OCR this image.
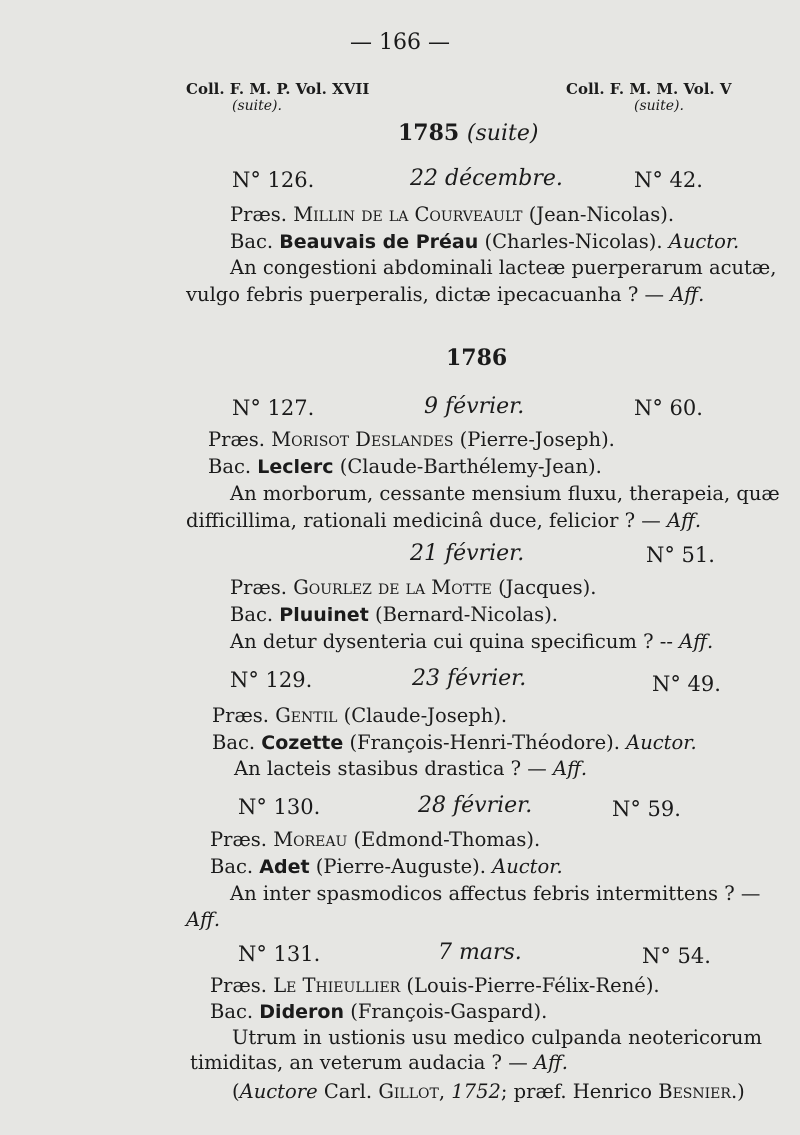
— 166 —
Coll. F. M. P. Vol. XVII
(suite).
Coll. F. M. M. Vol. V
(suite).
1785 (suite)
N° 126.	22 décembre.	N° 42.
Præs. Millin de la Courveault (Jean-Nicolas).
Bac. Beauvais de Préau (Charles-Nicolas). Auctor.
An congestioni abdominali lacteæ puerperarum acutæ,
vulgo febris puerperalis, dictæ ipecacuanha ? — Aff.
1786
N° 127.	9 février.	N° 60.
Præs. Morisot Deslandes (Pierre-Joseph).
Bac. Leclerc (Claude-Barthélemy-Jean).
An morborum, cessante mensium fluxu, therapeia, quæ
difficillima, rationali medicinâ duce, felicior ? — Aff.
21 février.	N° 51.
Præs. Gourlez de la Motte (Jacques).
Bac. Pluuinet (Bernard-Nicolas).
An detur dysenteria cui quina specificum ? -- Aff.
N° 129.	23 février.	N° 49.
Præs. Gentil (Claude-Joseph).
Bac. Cozette (François-Henri-Théodore). Auctor.
An lacteis stasibus drastica ? — Aff.
N° 130.	28 février.	N° 59.
Præs. Moreau (Edmond-Thomas).
Bac. Adet (Pierre-Auguste). Auctor.
An inter spasmodicos affectus febris intermittens ? —
Aff.
N° 131.	7 mars.	N° 54.
Præs. Le Thieullier (Louis-Pierre-Félix-René).
Bac. Dideron (François-Gaspard).
Utrum in ustionis usu medico culpanda neotericorum
timiditas, an veterum audacia ? — Aff.
(Auctore Carl. Gillot, 1752; præf. Henrico Besnier.)
